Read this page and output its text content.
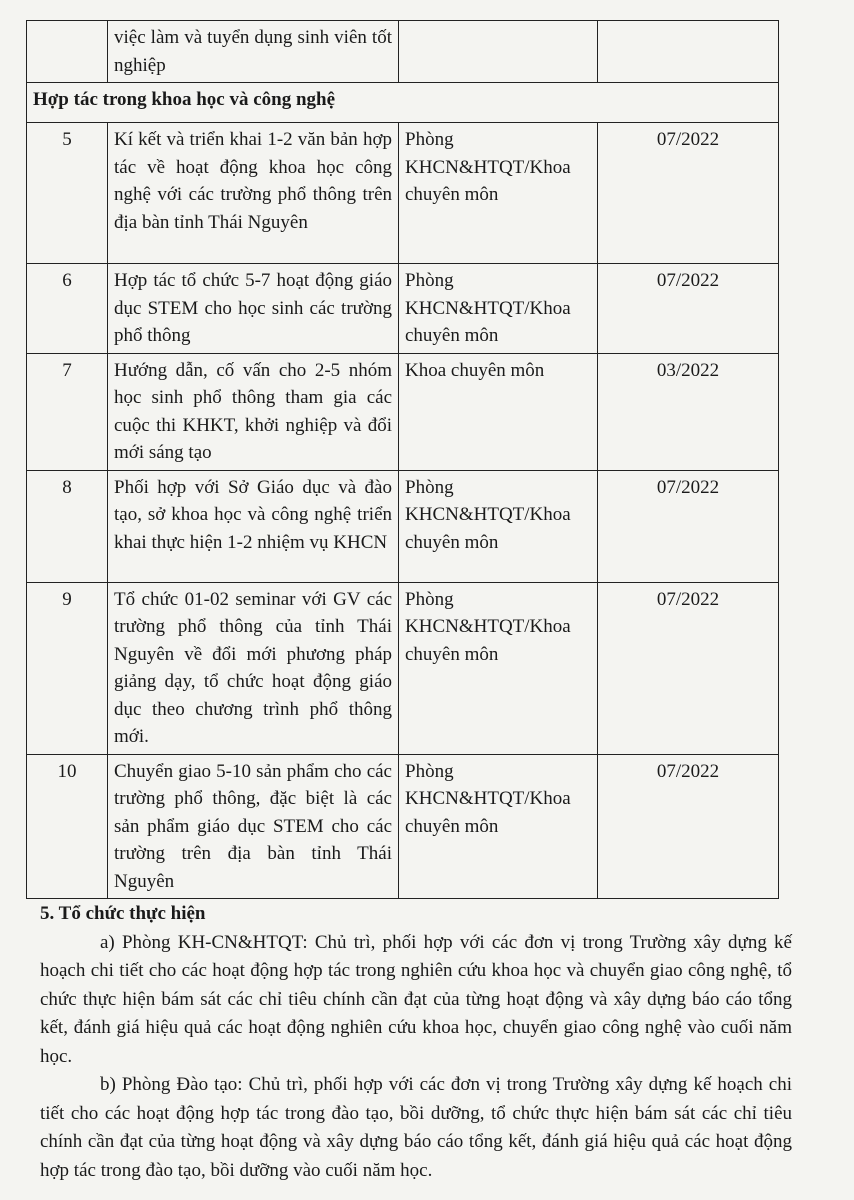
	việc làm và tuyển dụng sinh viên tốt nghiệp		
Hợp tác trong khoa học và công nghệ			
5	Kí kết và triển khai 1-2 văn bản hợp tác về hoạt động khoa học công nghệ với các trường phổ thông trên địa bàn tỉnh Thái Nguyên	Phòng KHCN&HTQT/Khoa chuyên môn	07/2022
6	Hợp tác tổ chức 5-7 hoạt động giáo dục STEM cho học sinh các trường phổ thông	Phòng KHCN&HTQT/Khoa chuyên môn	07/2022
7	Hướng dẫn, cố vấn cho 2-5 nhóm học sinh phổ thông tham gia các cuộc thi KHKT, khởi nghiệp và đổi mới sáng tạo	Khoa chuyên môn	03/2022
8	Phối hợp với Sở Giáo dục và đào tạo, sở khoa học và công nghệ triển khai thực hiện 1-2 nhiệm vụ KHCN	Phòng KHCN&HTQT/Khoa chuyên môn	07/2022
9	Tổ chức 01-02 seminar với GV các trường phổ thông của tỉnh Thái Nguyên về đổi mới phương pháp giảng dạy, tổ chức hoạt động giáo dục theo chương trình phổ thông mới.	Phòng KHCN&HTQT/Khoa chuyên môn	07/2022
10	Chuyển giao 5-10 sản phẩm cho các trường phổ thông, đặc biệt là các sản phẩm giáo dục STEM cho các trường trên địa bàn tỉnh Thái Nguyên	Phòng KHCN&HTQT/Khoa chuyên môn	07/2022
5. Tổ chức thực hiện

a) Phòng KH-CN&HTQT: Chủ trì, phối hợp với các đơn vị trong Trường xây dựng kế hoạch chi tiết cho các hoạt động hợp tác trong nghiên cứu khoa học và chuyển giao công nghệ, tổ chức thực hiện bám sát các chỉ tiêu chính cần đạt của từng hoạt động và xây dựng báo cáo tổng kết, đánh giá hiệu quả các hoạt động nghiên cứu khoa học, chuyển giao công nghệ vào cuối năm học.

b) Phòng Đào tạo: Chủ trì, phối hợp với các đơn vị trong Trường xây dựng kế hoạch chi tiết cho các hoạt động hợp tác trong đào tạo, bồi dưỡng, tổ chức thực hiện bám sát các chỉ tiêu chính cần đạt của từng hoạt động và xây dựng báo cáo tổng kết, đánh giá hiệu quả các hoạt động hợp tác trong đào tạo, bồi dưỡng vào cuối năm học.
